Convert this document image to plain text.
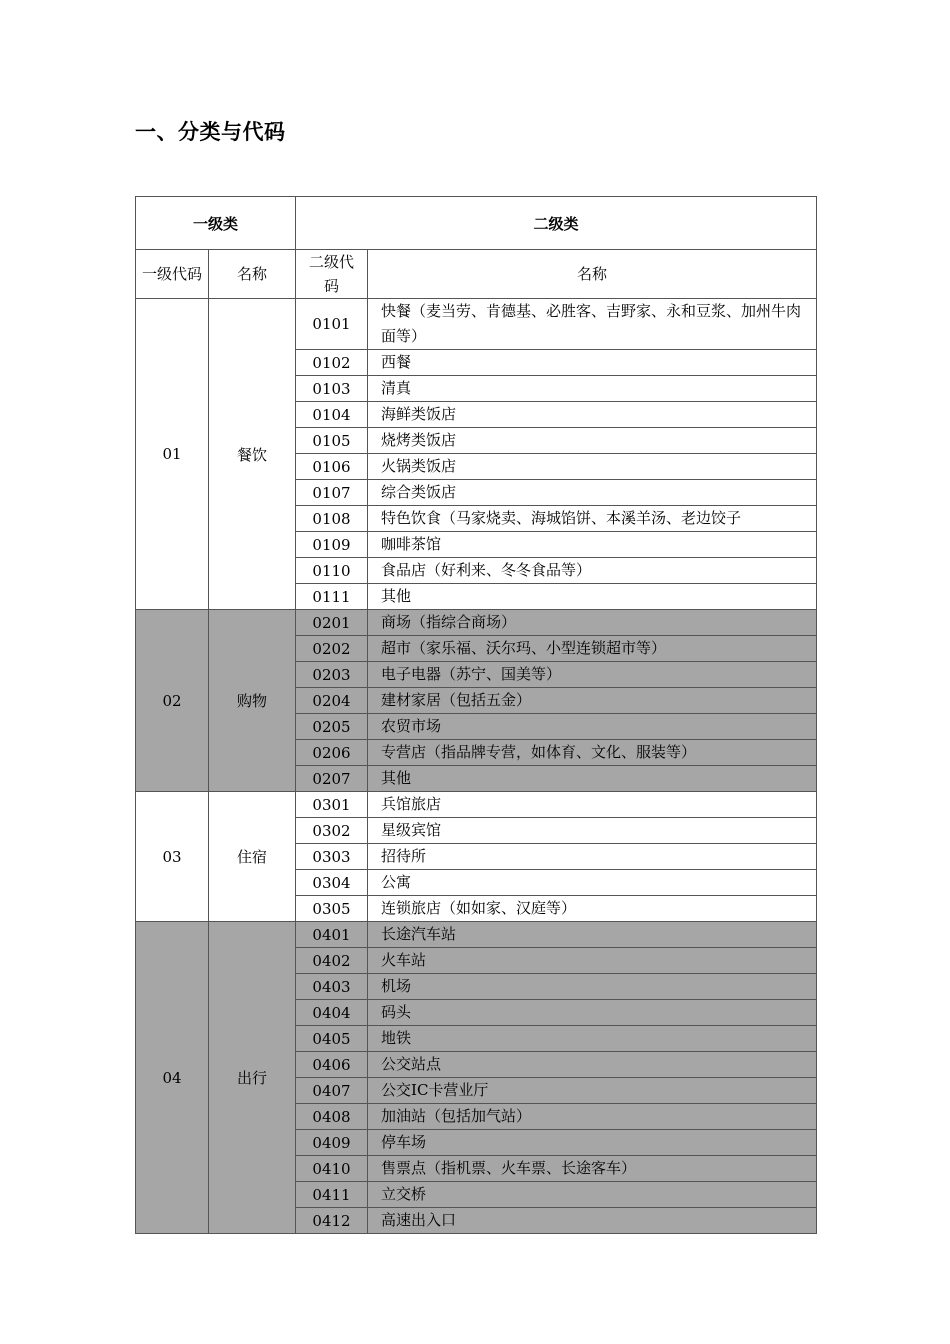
一、分类与代码
一级类		二级类	
一级代码	名称	二级代码	名称
01	餐饮	0101	快餐（麦当劳、肯德基、必胜客、吉野家、永和豆浆、加州牛肉面等）
		0102	西餐
		0103	清真
		0104	海鲜类饭店
		0105	烧烤类饭店
		0106	火锅类饭店
		0107	综合类饭店
		0108	特色饮食（马家烧卖、海城馅饼、本溪羊汤、老边饺子
		0109	咖啡茶馆
		0110	食品店（好利来、冬冬食品等）
		0111	其他
02	购物	0201	商场（指综合商场）
		0202	超市（家乐福、沃尔玛、小型连锁超市等）
		0203	电子电器（苏宁、国美等）
		0204	建材家居（包括五金）
		0205	农贸市场
		0206	专营店（指品牌专营，如体育、文化、服装等）
		0207	其他
03	住宿	0301	兵馆旅店
		0302	星级宾馆
		0303	招待所
		0304	公寓
		0305	连锁旅店（如如家、汉庭等）
04	出行	0401	长途汽车站
		0402	火车站
		0403	机场
		0404	码头
		0405	地铁
		0406	公交站点
		0407	公交IC卡营业厅
		0408	加油站（包括加气站）
		0409	停车场
		0410	售票点（指机票、火车票、长途客车）
		0411	立交桥
		0412	高速出入口
